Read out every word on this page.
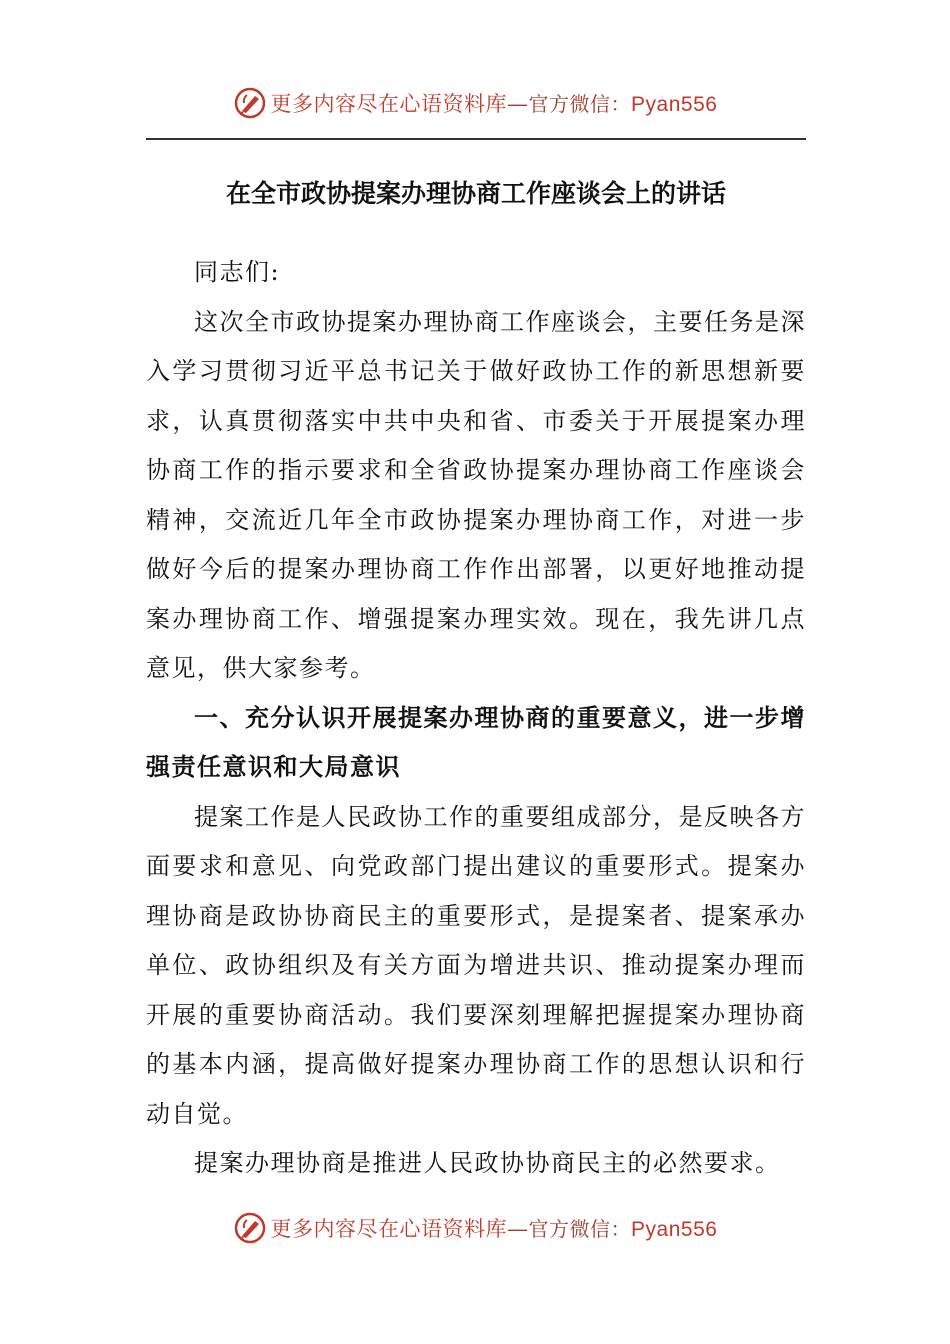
更多内容尽在心语资料库—官方微信：Pyan556
在全市政协提案办理协商工作座谈会上的讲话

同志们:

这次全市政协提案办理协商工作座谈会，主要任务是深入学习贯彻习近平总书记关于做好政协工作的新思想新要求，认真贯彻落实中共中央和省、市委关于开展提案办理协商工作的指示要求和全省政协提案办理协商工作座谈会精神，交流近几年全市政协提案办理协商工作，对进一步做好今后的提案办理协商工作作出部署，以更好地推动提案办理协商工作、增强提案办理实效。现在，我先讲几点意见，供大家参考。

一、充分认识开展提案办理协商的重要意义，进一步增强责任意识和大局意识

提案工作是人民政协工作的重要组成部分，是反映各方面要求和意见、向党政部门提出建议的重要形式。提案办理协商是政协协商民主的重要形式，是提案者、提案承办单位、政协组织及有关方面为增进共识、推动提案办理而开展的重要协商活动。我们要深刻理解把握提案办理协商的基本内涵，提高做好提案办理协商工作的思想认识和行动自觉。

提案办理协商是推进人民政协协商民主的必然要求。

更多内容尽在心语资料库—官方微信：Pyan556
